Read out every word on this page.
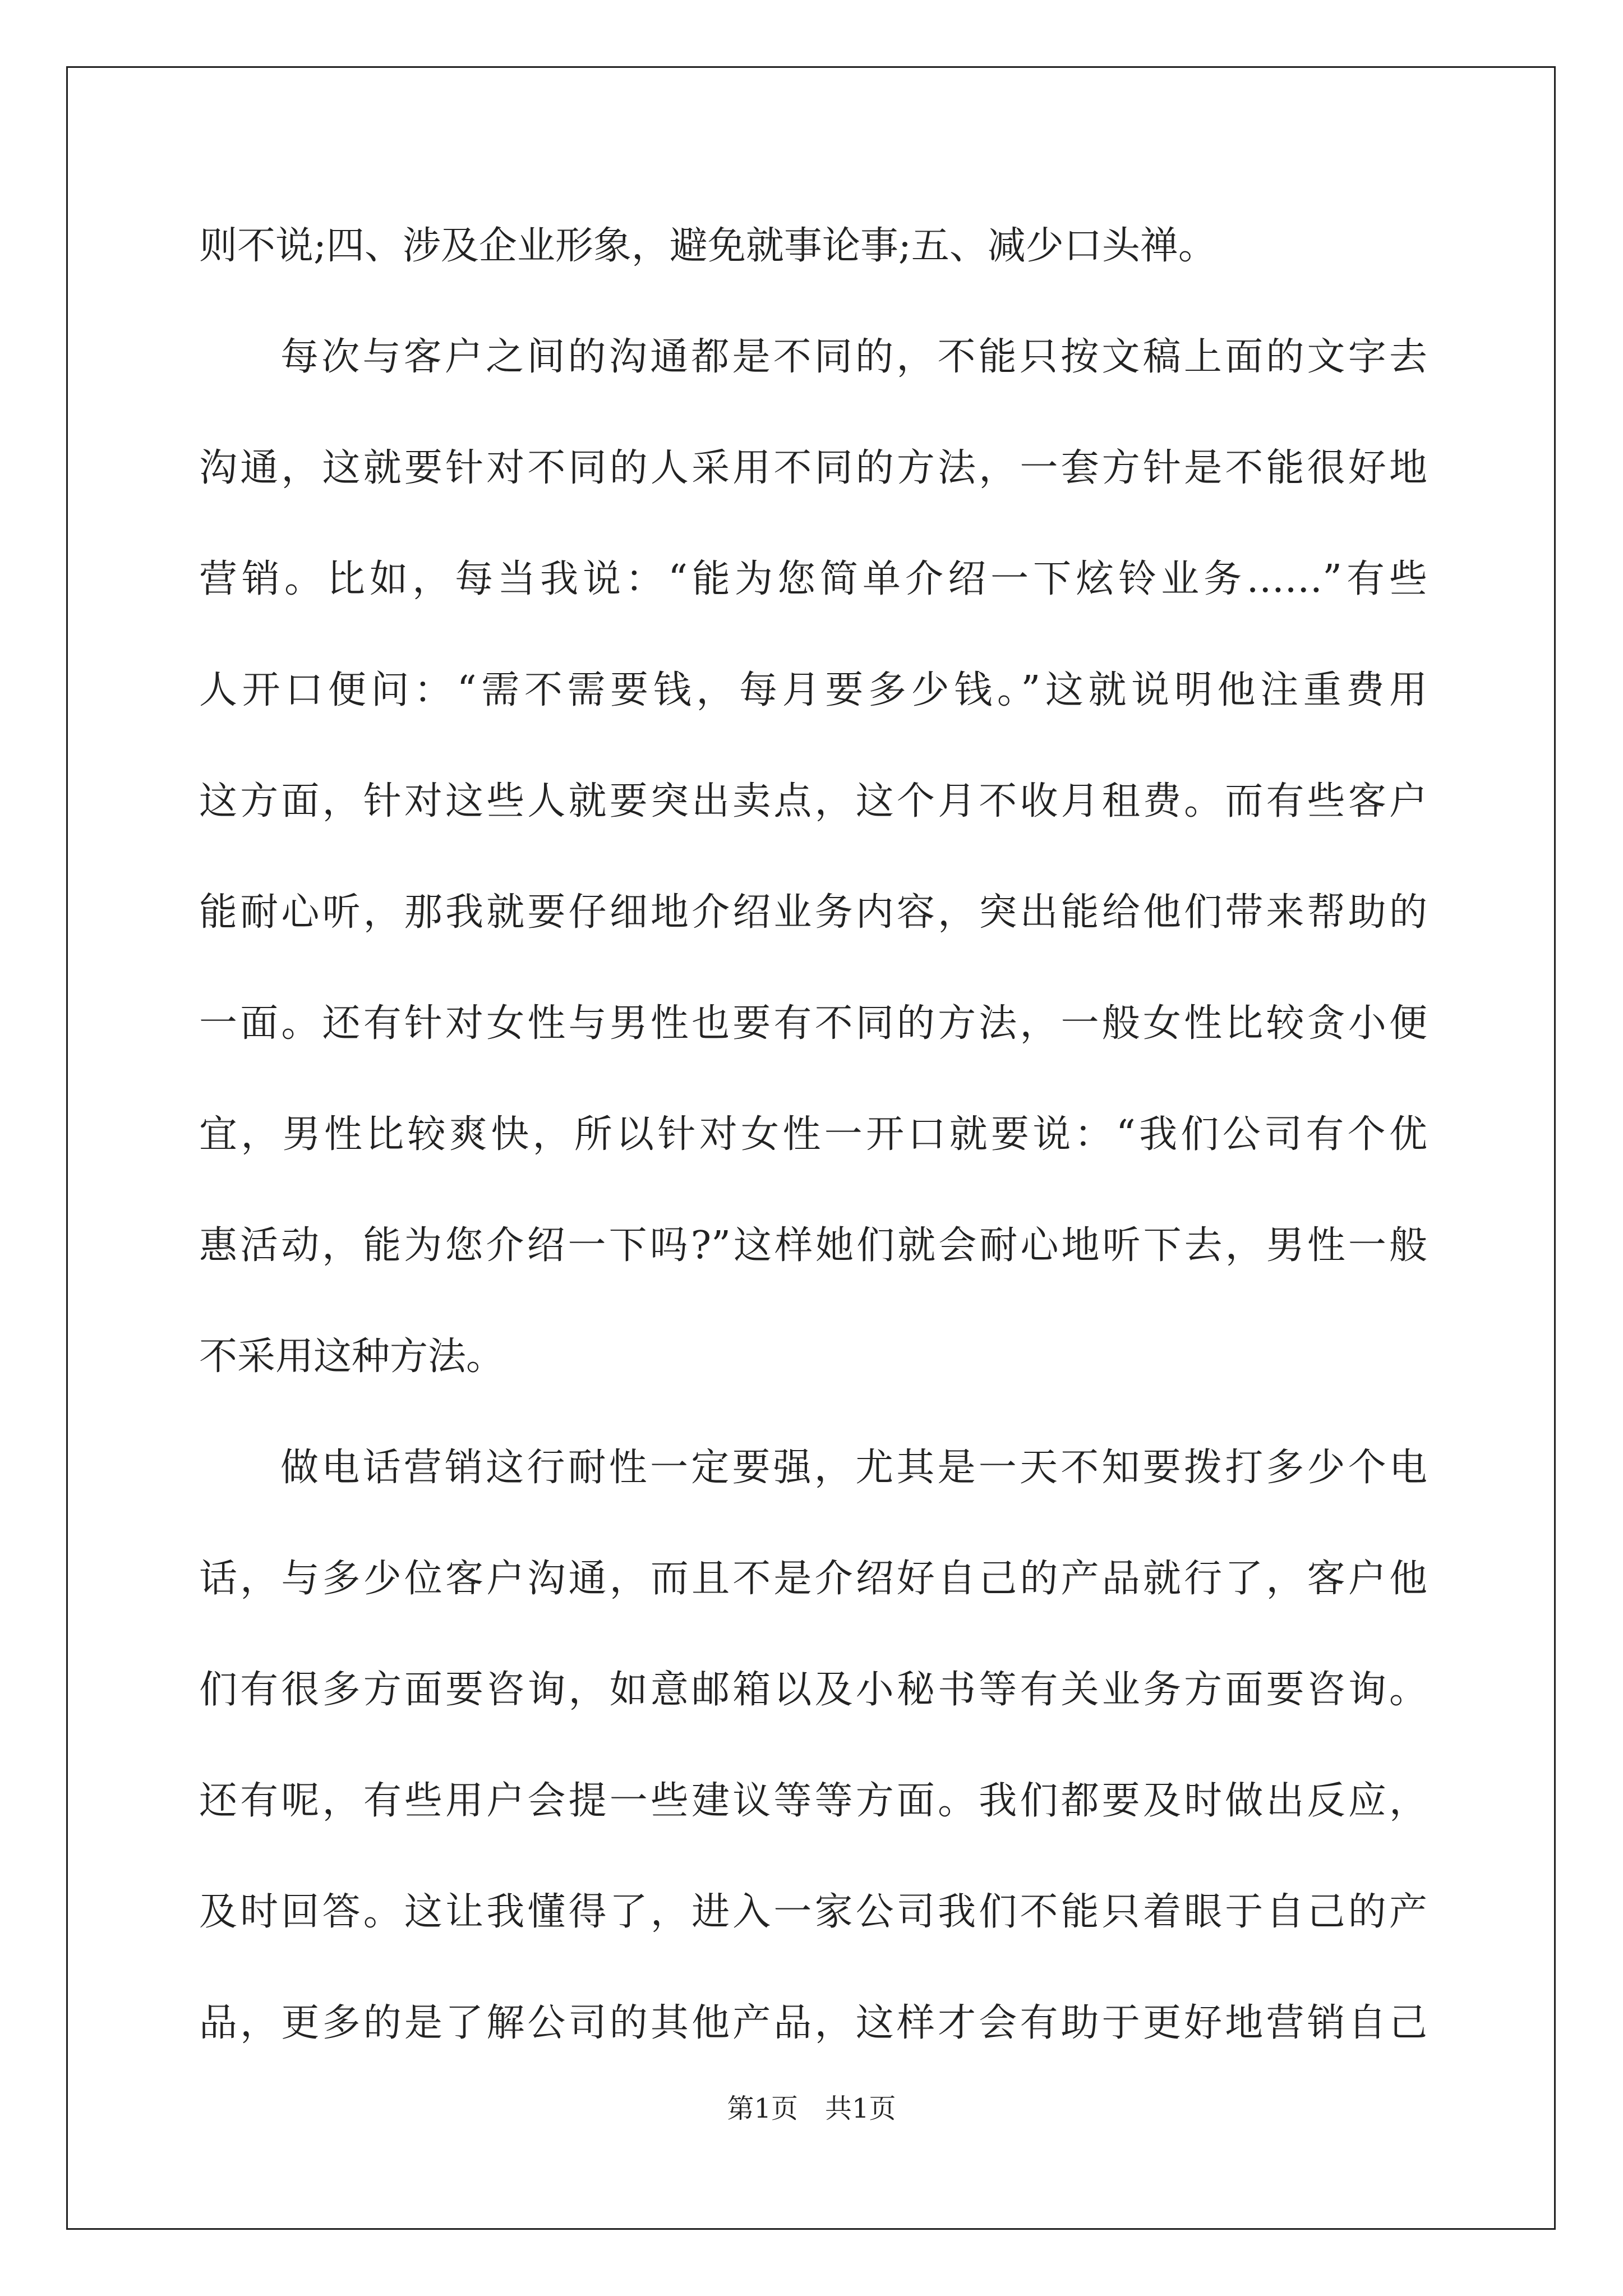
则不说;四、涉及企业形象，避免就事论事;五、减少口头禅。
每次与客户之间的沟通都是不同的，不能只按文稿上面的文字去
沟通，这就要针对不同的人采用不同的方法，一套方针是不能很好地
营销。比如，每当我说：“能为您简单介绍一下炫铃业务……”有些
人开口便问：“需不需要钱，每月要多少钱。”这就说明他注重费用
这方面，针对这些人就要突出卖点，这个月不收月租费。而有些客户
能耐心听，那我就要仔细地介绍业务内容，突出能给他们带来帮助的
一面。还有针对女性与男性也要有不同的方法，一般女性比较贪小便
宜，男性比较爽快，所以针对女性一开口就要说：“我们公司有个优
惠活动，能为您介绍一下吗?”这样她们就会耐心地听下去，男性一般
不采用这种方法。
做电话营销这行耐性一定要强，尤其是一天不知要拨打多少个电
话，与多少位客户沟通，而且不是介绍好自己的产品就行了，客户他
们有很多方面要咨询，如意邮箱以及小秘书等有关业务方面要咨询。
还有呢，有些用户会提一些建议等等方面。我们都要及时做出反应，
及时回答。这让我懂得了，进入一家公司我们不能只着眼于自己的产
品，更多的是了解公司的其他产品，这样才会有助于更好地营销自己
第1页　共1页
